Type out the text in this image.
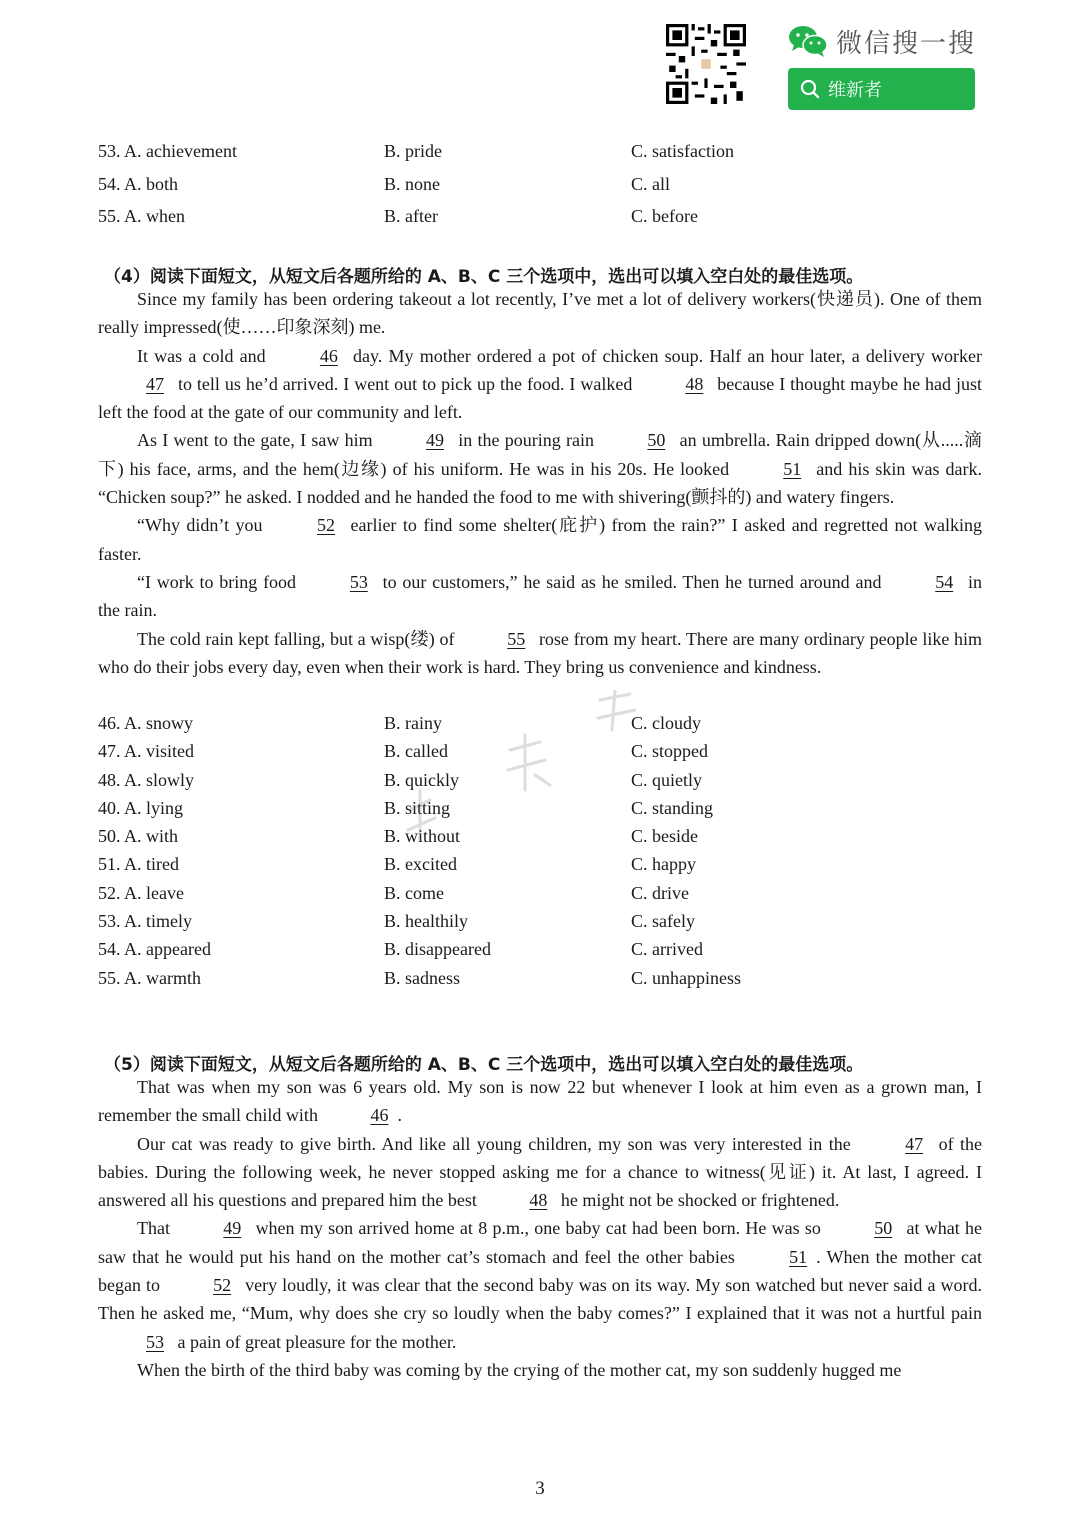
微信搜一搜
维新者
53. A. achievement	B. pride	C. satisfaction
54. A. both	B. none	C. all
55. A. when	B. after	C. before
（4）阅读下面短文，从短文后各题所给的 A、B、C 三个选项中，选出可以填入空白处的最佳选项。

Since my family has been ordering takeout a lot recently, I’ve met a lot of delivery workers(快递员). One of them really impressed(使……印象深刻) me.

It was a cold and	46 day. My mother ordered a pot of chicken soup. Half an hour later, a delivery worker 47 to tell us he’d arrived. I went out to pick up the food. I walked	48 because I thought maybe he had just left the food at the gate of our community and left.

As I went to the gate, I saw him	49 in the pouring rain	50 an umbrella. Rain dripped down(从.....滴下) his face, arms, and the hem(边缘) of his uniform. He was in his 20s. He looked	51 and his skin was dark. “Chicken soup?” he asked. I nodded and he handed the food to me with shivering(颤抖的) and watery fingers.

“Why didn’t you	52 earlier to find some shelter(庇护) from the rain?” I asked and regretted not walking faster.

“I work to bring food	53 to our customers,” he said as he smiled. Then he turned around and	54 in the rain.

The cold rain kept falling, but a wisp(缕) of	55 rose from my heart. There are many ordinary people like him who do their jobs every day, even when their work is hard. They bring us convenience and kindness.

46. A. snowy	B. rainy	C. cloudy
47. A. visited	B. called	C. stopped
48. A. slowly	B. quickly	C. quietly
40. A. lying	B. sitting	C. standing
50. A. with	B. without	C. beside
51. A. tired	B. excited	C. happy
52. A. leave	B. come	C. drive
53. A. timely	B. healthily	C. safely
54. A. appeared	B. disappeared	C. arrived
55. A. warmth	B. sadness	C. unhappiness
（5）阅读下面短文，从短文后各题所给的 A、B、C 三个选项中，选出可以填入空白处的最佳选项。

That was when my son was 6 years old. My son is now 22 but whenever I look at him even as a grown man, I remember the small child with	46 .

Our cat was ready to give birth. And like all young children, my son was very interested in the	47 of the babies. During the following week, he never stopped asking me for a chance to witness(见证) it. At last, I agreed. I answered all his questions and prepared him the best	48 he might not be shocked or frightened.

That	49 when my son arrived home at 8 p.m., one baby cat had been born. He was so	50 at what he saw that he would put his hand on the mother cat’s stomach and feel the other babies	51 . When the mother cat began to	52 very loudly, it was clear that the second baby was on its way. My son watched but never said a word. Then he asked me, “Mum, why does she cry so loudly when the baby comes?” I explained that it was not a hurtful pain 53 a pain of great pleasure for the mother.

When the birth of the third baby was coming by the crying of the mother cat, my son suddenly hugged me

3
